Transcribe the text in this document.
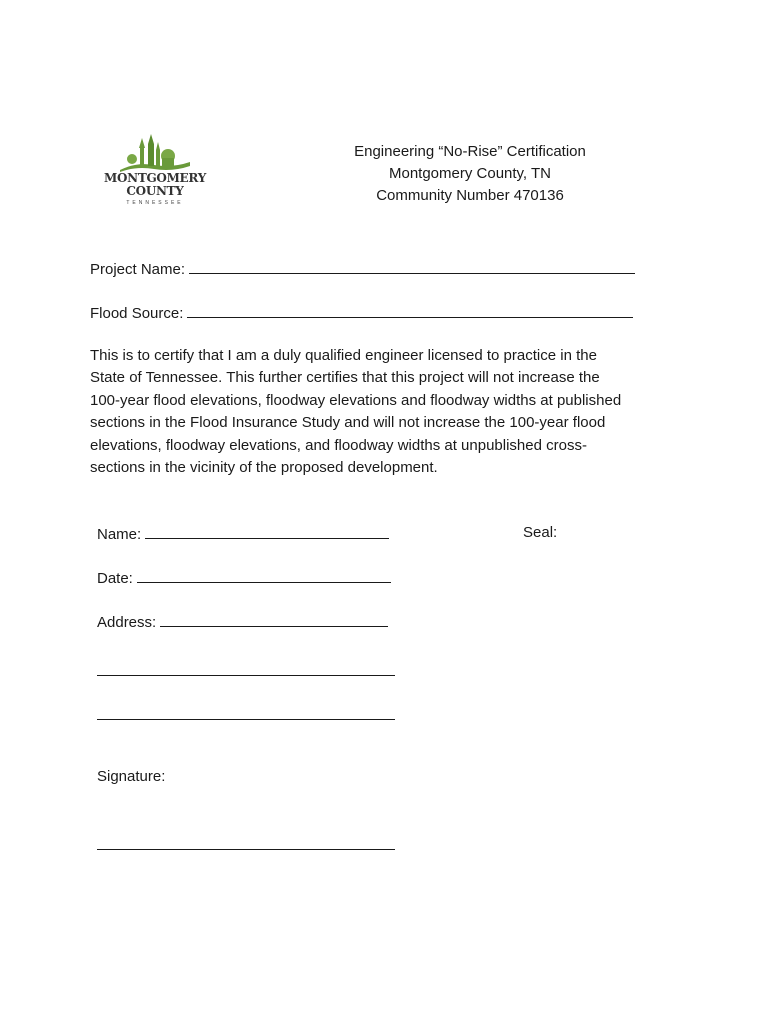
MONTGOMERY
COUNTY
TENNESSEE
Engineering “No-Rise” Certification
Montgomery County, TN
Community Number 470136
Project Name:
Flood Source:
This is to certify that I am a duly qualified engineer licensed to practice in the
State of Tennessee. This further certifies that this project will not increase the
100-year flood elevations, floodway elevations and floodway widths at published
sections in the Flood Insurance Study and will not increase the 100-year flood
elevations, floodway elevations, and floodway widths at unpublished cross-
sections in the vicinity of the proposed development.
Name:	Seal:
Date:
Address:
Signature:
